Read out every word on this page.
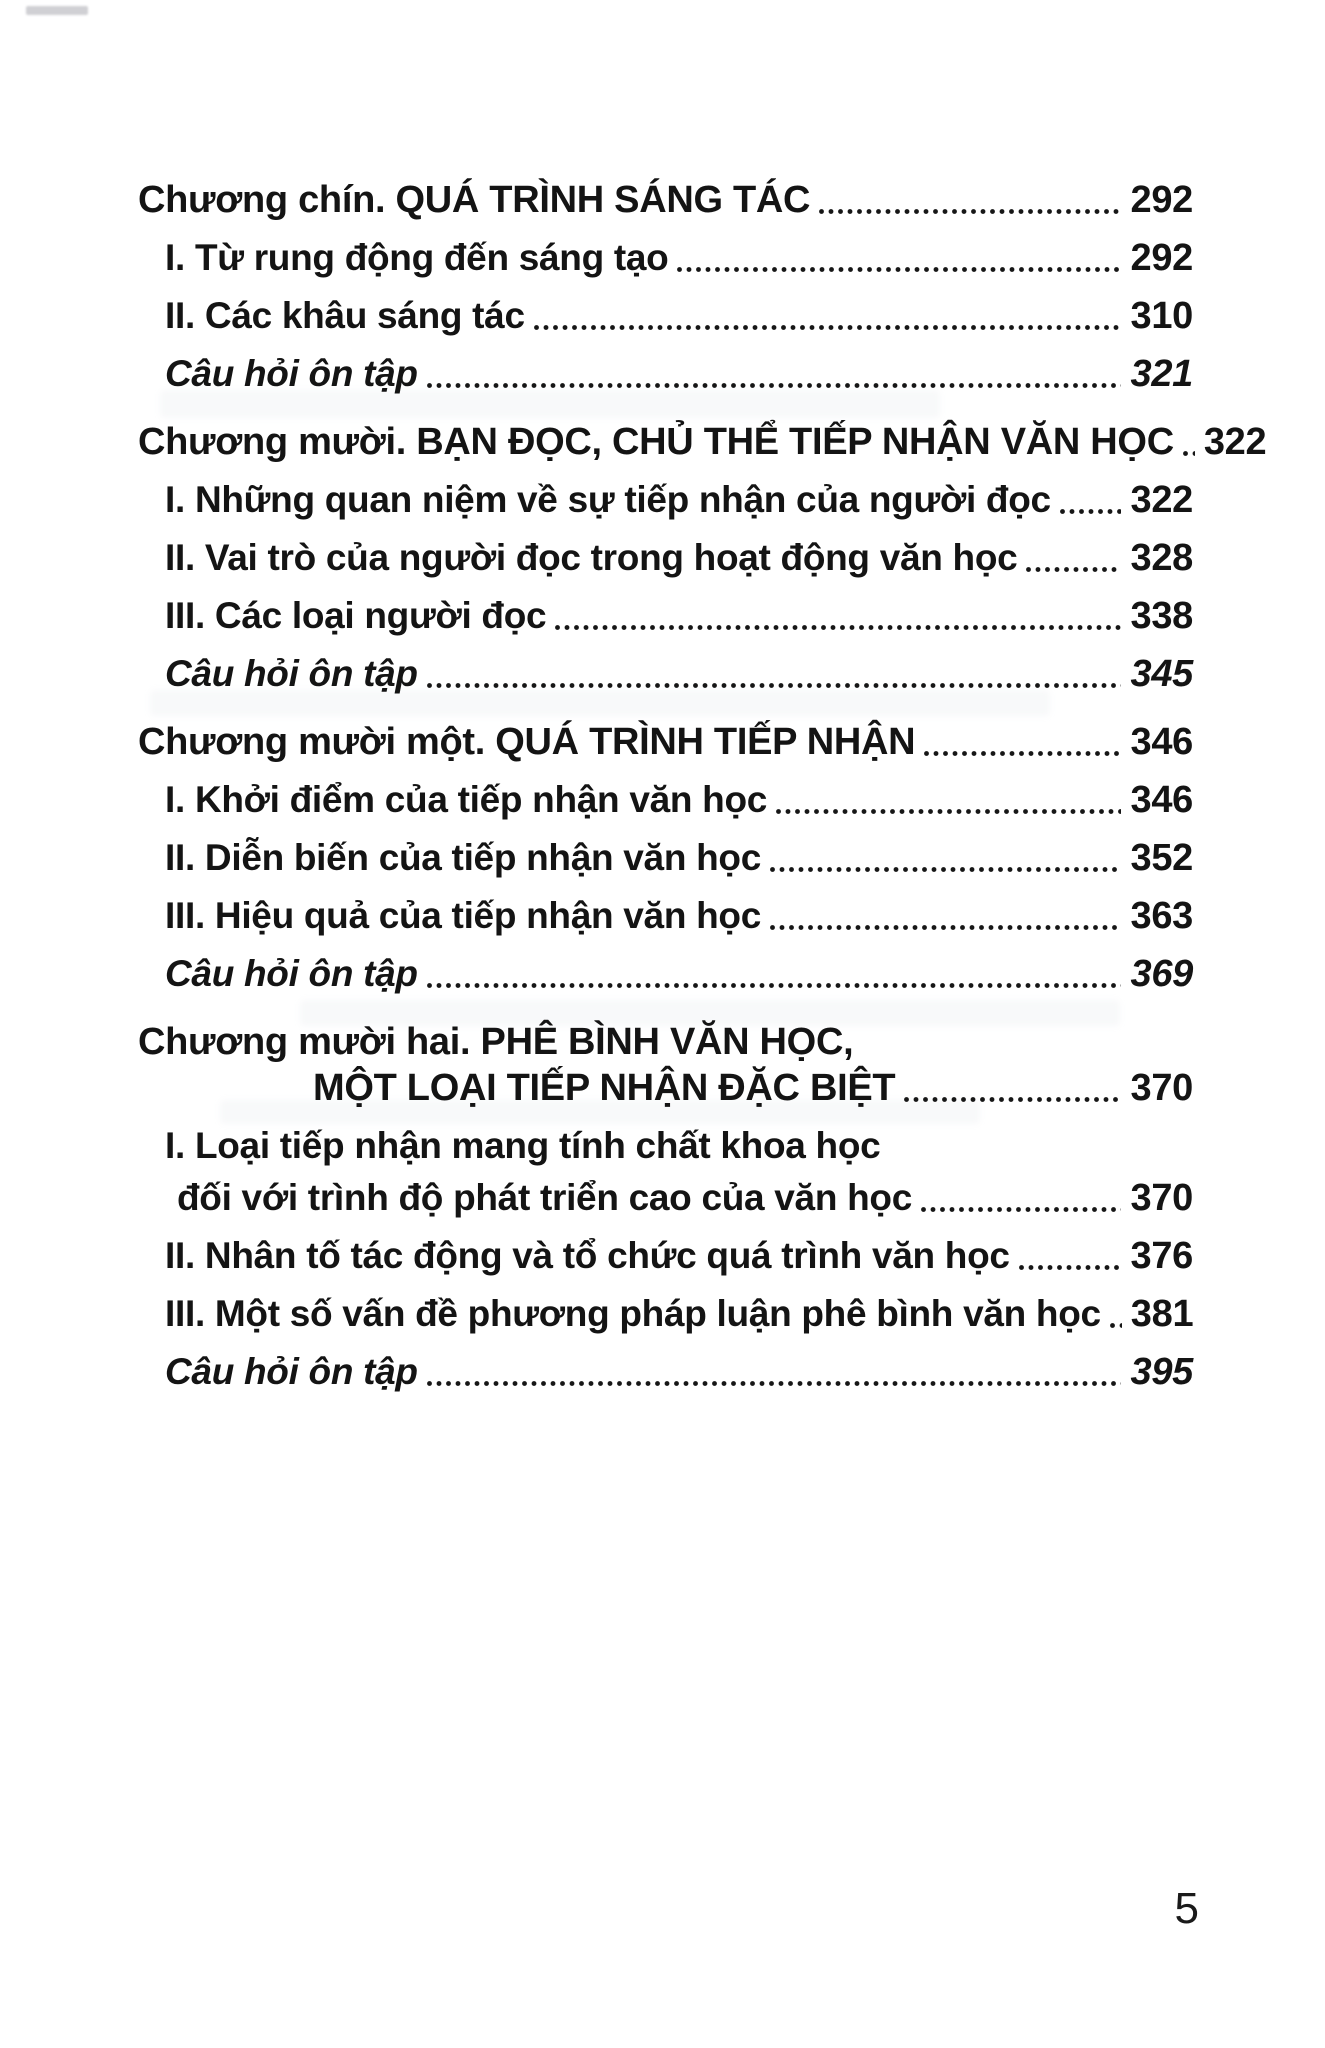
Chương chín. QUÁ TRÌNH SÁNG TÁC	292
I. Từ rung động đến sáng tạo	292
II. Các khâu sáng tác	310
Câu hỏi ôn tập	321
Chương mười. BẠN ĐỌC, CHỦ THỂ TIẾP NHẬN VĂN HỌC 322
I. Những quan niệm về sự tiếp nhận của người đọc 322
II. Vai trò của người đọc trong hoạt động văn học	328
III. Các loại người đọc	338
Câu hỏi ôn tập	345
Chương mười một. QUÁ TRÌNH TIẾP NHẬN	346
I. Khởi điểm của tiếp nhận văn học	346
II. Diễn biến của tiếp nhận văn học	352
III. Hiệu quả của tiếp nhận văn học	363
Câu hỏi ôn tập	369
Chương mười hai. PHÊ BÌNH VĂN HỌC,
MỘT LOẠI TIẾP NHẬN ĐẶC BIỆT	370
I. Loại tiếp nhận mang tính chất khoa học
đối với trình độ phát triển cao của văn học	370
II. Nhân tố tác động và tổ chức quá trình văn học	376
III. Một số vấn đề phương pháp luận phê bình văn học 381
Câu hỏi ôn tập	395
5
